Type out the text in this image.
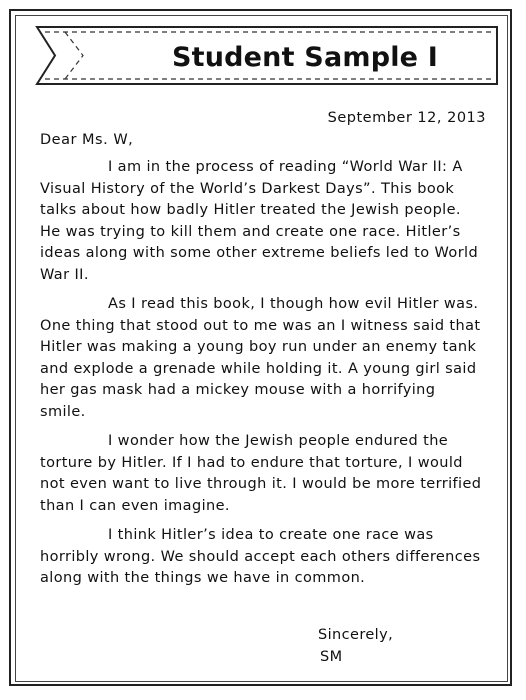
Student Sample I
September 12, 2013
Dear Ms. W,

I am in the process of reading “World War II: A Visual History of the World’s Darkest Days”. This book talks about how badly Hitler treated the Jewish people. He was trying to kill them and create one race. Hitler’s ideas along with some other extreme beliefs led to World War II.

As I read this book, I though how evil Hitler was. One thing that stood out to me was an I witness said that Hitler was making a young boy run under an enemy tank and explode a grenade while holding it. A young girl said her gas mask had a mickey mouse with a horrifying smile.

I wonder how the Jewish people endured the torture by Hitler. If I had to endure that torture, I would not even want to live through it. I would be more terrified than I can even imagine.

I think Hitler’s idea to create one race was horribly wrong. We should accept each others differences along with the things we have in common.

Sincerely,
SM
